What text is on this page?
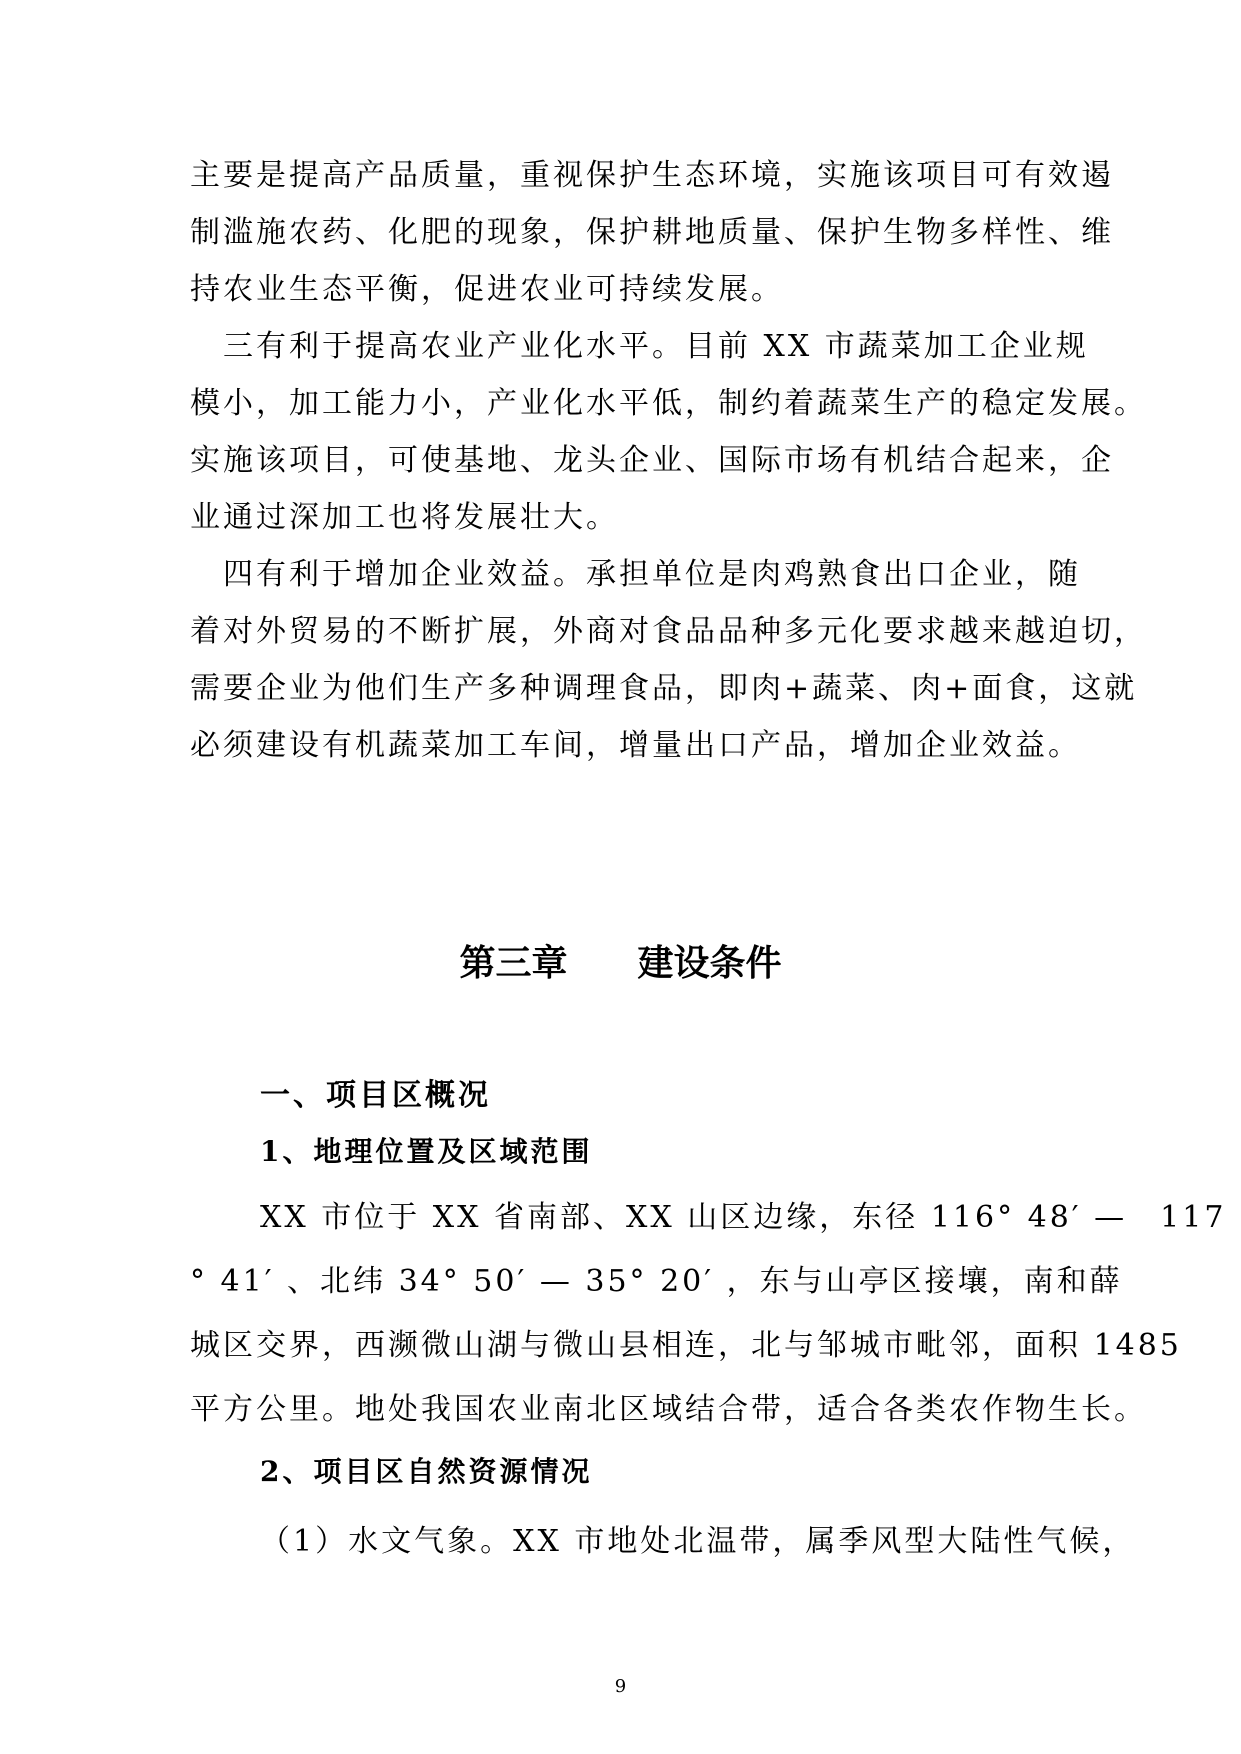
主要是提高产品质量，重视保护生态环境，实施该项目可有效遏
制滥施农药、化肥的现象，保护耕地质量、保护生物多样性、维
持农业生态平衡，促进农业可持续发展。
　三有利于提高农业产业化水平。目前 XX 市蔬菜加工企业规
模小，加工能力小，产业化水平低，制约着蔬菜生产的稳定发展。
实施该项目，可使基地、龙头企业、国际市场有机结合起来，企
业通过深加工也将发展壮大。
　四有利于增加企业效益。承担单位是肉鸡熟食出口企业，随
着对外贸易的不断扩展，外商对食品品种多元化要求越来越迫切，
需要企业为他们生产多种调理食品，即肉+蔬菜、肉+面食，这就
必须建设有机蔬菜加工车间，增量出口产品，增加企业效益。
第三章 建设条件
一、项目区概况
1、地理位置及区域范围
XX 市位于 XX 省南部、XX 山区边缘，东径 116° 48′ —　117
° 41′ 、北纬 34° 50′ — 35° 20′ ，东与山亭区接壤，南和薛
城区交界，西濒微山湖与微山县相连，北与邹城市毗邻，面积 1485
平方公里。地处我国农业南北区域结合带，适合各类农作物生长。
2、项目区自然资源情况
（1）水文气象。XX 市地处北温带，属季风型大陆性气候，
9
